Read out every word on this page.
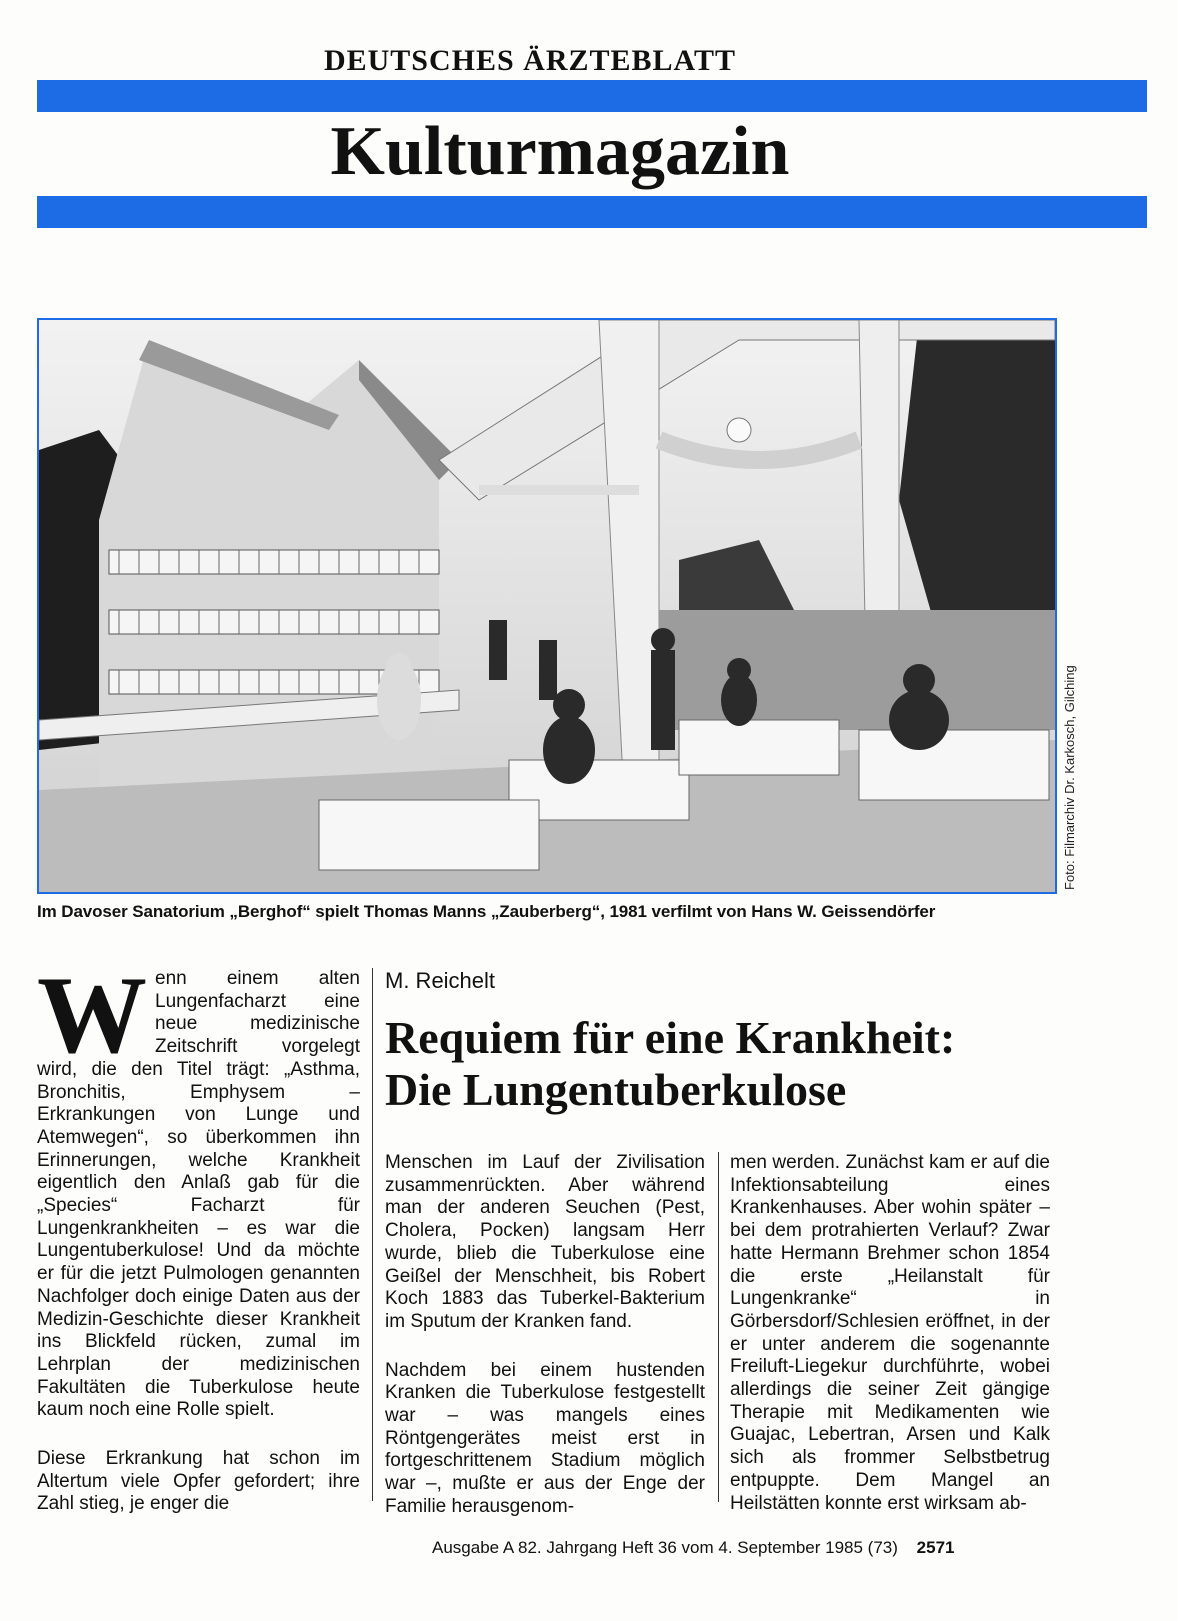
DEUTSCHES ÄRZTEBLATT
Kulturmagazin
Foto: Filmarchiv Dr. Karkosch, Gilching
Im Davoser Sanatorium „Berghof“ spielt Thomas Manns „Zauberberg“, 1981 verfilmt von Hans W. Geissendörfer

Wenn einem alten Lungenfacharzt eine neue medizinische Zeitschrift vorgelegt wird, die den Titel trägt: „Asthma, Bronchitis, Emphysem – Erkrankungen von Lunge und Atemwegen“, so überkommen ihn Erinnerungen, welche Krankheit eigentlich den Anlaß gab für die „Species“ Facharzt für Lungenkrankheiten – es war die Lungentuberkulose! Und da möchte er für die jetzt Pulmologen genannten Nachfolger doch einige Daten aus der Medizin-Geschichte dieser Krankheit ins Blickfeld rücken, zumal im Lehrplan der medizinischen Fakultäten die Tuberkulose heute kaum noch eine Rolle spielt.

Diese Erkrankung hat schon im Altertum viele Opfer gefordert; ihre Zahl stieg, je enger die

M. Reichelt
Requiem für eine Krankheit:
Die Lungentuberkulose

Menschen im Lauf der Zivilisation zusammenrückten. Aber während man der anderen Seuchen (Pest, Cholera, Pocken) langsam Herr wurde, blieb die Tuberkulose eine Geißel der Menschheit, bis Robert Koch 1883 das Tuberkel-Bakterium im Sputum der Kranken fand.

Nachdem bei einem hustenden Kranken die Tuberkulose festgestellt war – was mangels eines Röntgengerätes meist erst in fortgeschrittenem Stadium möglich war –, mußte er aus der Enge der Familie herausgenom-

men werden. Zunächst kam er auf die Infektionsabteilung eines Krankenhauses. Aber wohin später – bei dem protrahierten Verlauf? Zwar hatte Hermann Brehmer schon 1854 die erste „Heilanstalt für Lungenkranke“ in Görbersdorf/Schlesien eröffnet, in der er unter anderem die sogenannte Freiluft-Liegekur durchführte, wobei allerdings die seiner Zeit gängige Therapie mit Medikamenten wie Guajac, Lebertran, Arsen und Kalk sich als frommer Selbstbetrug entpuppte. Dem Mangel an Heilstätten konnte erst wirksam ab-

Ausgabe A 82. Jahrgang Heft 36 vom 4. September 1985 (73) 2571
